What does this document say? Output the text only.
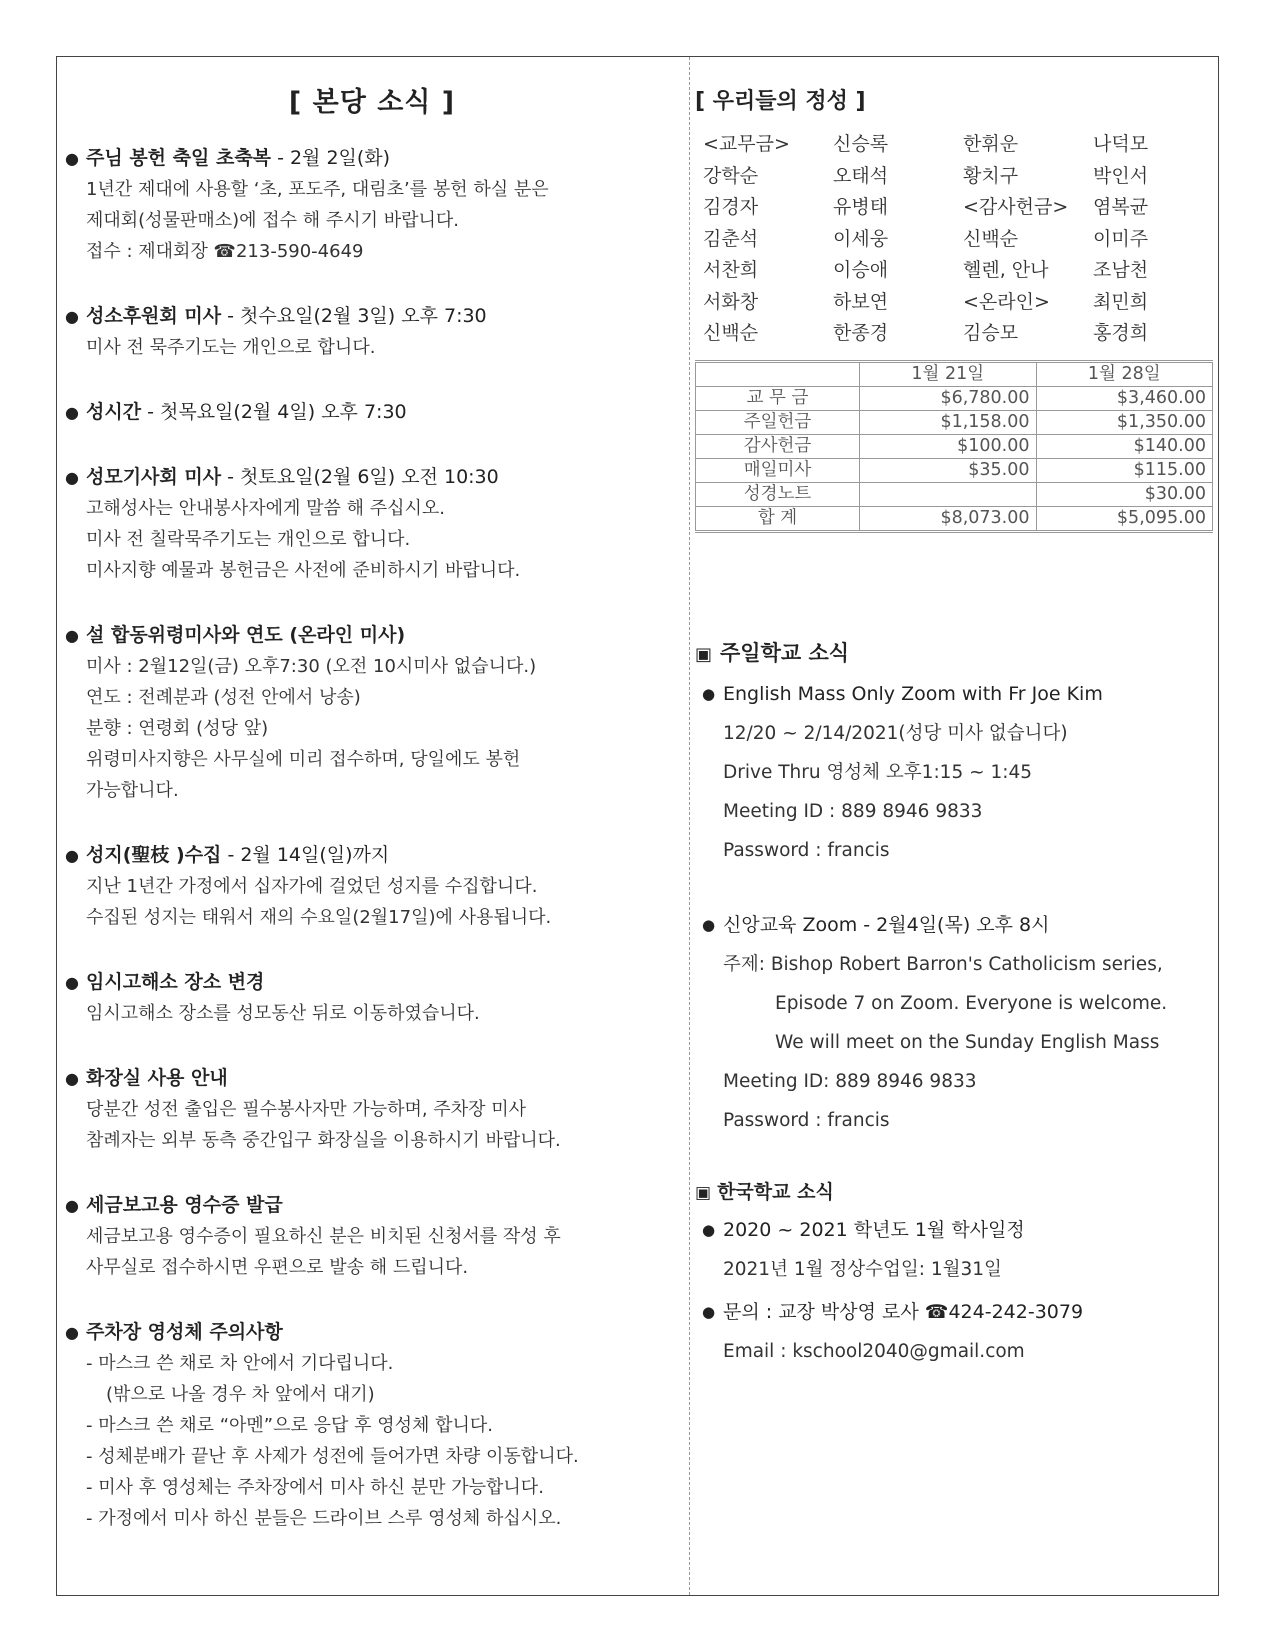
[ 본당 소식 ]
● 주님 봉헌 축일 초축복 - 2월 2일(화)
1년간 제대에 사용할 ‘초, 포도주, 대림초’를 봉헌 하실 분은
제대회(성물판매소)에 접수 해 주시기 바랍니다.
접수 : 제대회장 ☎213-590-4649
● 성소후원회 미사 - 첫수요일(2월 3일) 오후 7:30
미사 전 묵주기도는 개인으로 합니다.
● 성시간 - 첫목요일(2월 4일) 오후 7:30
● 성모기사회 미사 - 첫토요일(2월 6일) 오전 10:30
고해성사는 안내봉사자에게 말씀 해 주십시오.
미사 전 칠락묵주기도는 개인으로 합니다.
미사지향 예물과 봉헌금은 사전에 준비하시기 바랍니다.
● 설 합동위령미사와 연도 (온라인 미사)
미사 : 2월12일(금) 오후7:30 (오전 10시미사 없습니다.)
연도 : 전례분과 (성전 안에서 낭송)
분향 : 연령회 (성당 앞)
위령미사지향은 사무실에 미리 접수하며, 당일에도 봉헌
가능합니다.
● 성지(聖枝 )수집 - 2월 14일(일)까지
지난 1년간 가정에서 십자가에 걸었던 성지를 수집합니다.
수집된 성지는 태워서 재의 수요일(2월17일)에 사용됩니다.
● 임시고해소 장소 변경
임시고해소 장소를 성모동산 뒤로 이동하였습니다.
● 화장실 사용 안내
당분간 성전 출입은 필수봉사자만 가능하며, 주차장 미사
참례자는 외부 동측 중간입구 화장실을 이용하시기 바랍니다.
● 세금보고용 영수증 발급
세금보고용 영수증이 필요하신 분은 비치된 신청서를 작성 후
사무실로 접수하시면 우편으로 발송 해 드립니다.
● 주차장 영성체 주의사항
- 마스크 쓴 채로 차 안에서 기다립니다.
(밖으로 나올 경우 차 앞에서 대기)
- 마스크 쓴 채로 “아멘”으로 응답 후 영성체 합니다.
- 성체분배가 끝난 후 사제가 성전에 들어가면 차량 이동합니다.
- 미사 후 영성체는 주차장에서 미사 하신 분만 가능합니다.
- 가정에서 미사 하신 분들은 드라이브 스루 영성체 하십시오.
[ 우리들의 정성 ]
<교무금>	신승록	한휘운	나덕모
강학순	오태석	황치구	박인서
김경자	유병태	<감사헌금>	염복균
김춘석	이세웅	신백순	이미주
서찬희	이승애	헬렌, 안나	조남천
서화창	하보연	<온라인>	최민희
신백순	한종경	김승모	홍경희
	1월 21일	1월 28일
교 무 금	$6,780.00	$3,460.00
주일헌금	$1,158.00	$1,350.00
감사헌금	$100.00	$140.00
매일미사	$35.00	$115.00
성경노트		$30.00
합 계	$8,073.00	$5,095.00
▣ 주일학교 소식
● English Mass Only Zoom with Fr Joe Kim
12/20 ~ 2/14/2021(성당 미사 없습니다)
Drive Thru 영성체 오후1:15 ~ 1:45
Meeting ID : 889 8946 9833
Password : francis
● 신앙교육 Zoom - 2월4일(목) 오후 8시
주제: Bishop Robert Barron's Catholicism series,
Episode 7 on Zoom. Everyone is welcome.
We will meet on the Sunday English Mass
Meeting ID: 889 8946 9833
Password : francis
▣ 한국학교 소식
● 2020 ~ 2021 학년도 1월 학사일정
2021년 1월 정상수업일: 1월31일
● 문의 : 교장 박상영 로사 ☎424-242-3079
Email : kschool2040@gmail.com
